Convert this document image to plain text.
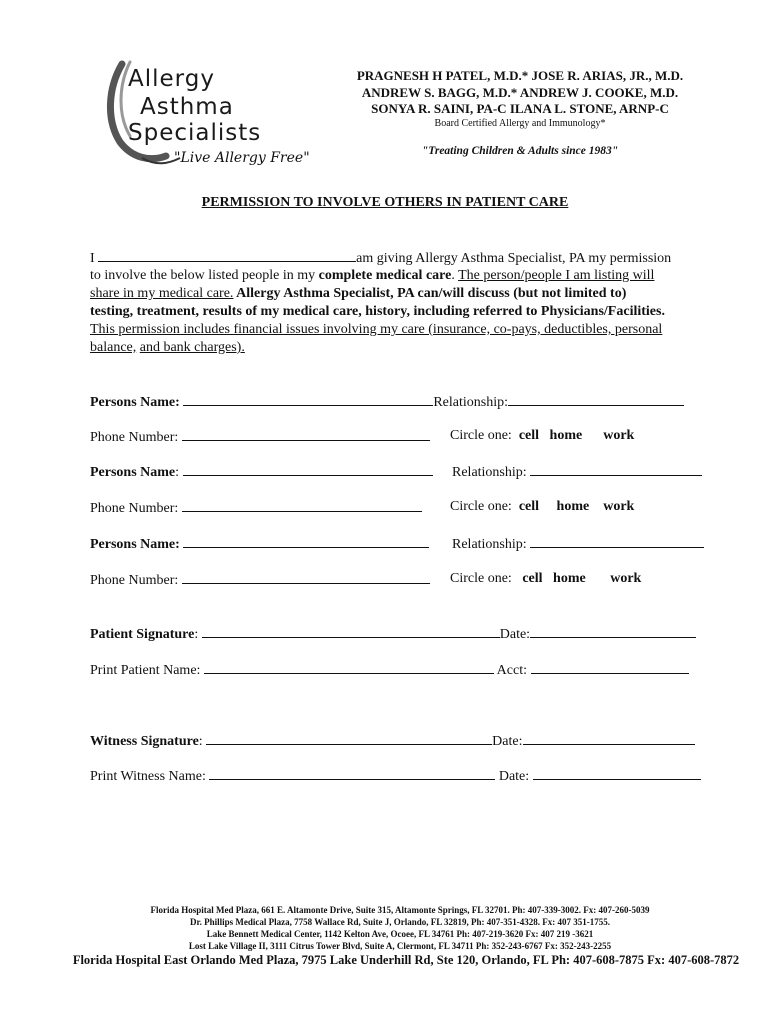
Allergy
Asthma
Specialists
"Live Allergy Free"
PRAGNESH H PATEL, M.D.* JOSE R. ARIAS, JR., M.D.
ANDREW S. BAGG, M.D.* ANDREW J. COOKE, M.D.
SONYA R. SAINI, PA-C ILANA L. STONE, ARNP-C
Board Certified Allergy and Immunology*
"Treating Children & Adults since 1983"
PERMISSION TO INVOLVE OTHERS IN PATIENT CARE
I	am giving Allergy Asthma Specialist, PA my permission
to involve the below listed people in my complete medical care. The person/people I am listing will
share in my medical care. Allergy Asthma Specialist, PA can/will discuss (but not limited to)
testing, treatment, results of my medical care, history, including referred to Physicians/Facilities.
This permission includes financial issues involving my care (insurance, co-pays, deductibles, personal
balance, and bank charges).
Persons Name:	Relationship:
Phone Number:	Circle one: cell home work
Persons Name:	Relationship:
Phone Number:	Circle one: cell home work
Persons Name:	Relationship:
Phone Number:	Circle one: cell home work
Patient Signature:	Date:
Print Patient Name:	Acct:
Witness Signature:	Date:
Print Witness Name:	Date:
Florida Hospital Med Plaza, 661 E. Altamonte Drive, Suite 315, Altamonte Springs, FL 32701. Ph: 407-339-3002. Fx: 407-260-5039
Dr. Phillips Medical Plaza, 7758 Wallace Rd, Suite J, Orlando, FL 32819, Ph: 407-351-4328. Fx: 407 351-1755.
Lake Bennett Medical Center, 1142 Kelton Ave, Ocoee, FL 34761 Ph: 407-219-3620 Fx: 407 219 -3621
Lost Lake Village II, 3111 Citrus Tower Blvd, Suite A, Clermont, FL 34711 Ph: 352-243-6767 Fx: 352-243-2255
Florida Hospital East Orlando Med Plaza, 7975 Lake Underhill Rd, Ste 120, Orlando, FL Ph: 407-608-7875 Fx: 407-608-7872
